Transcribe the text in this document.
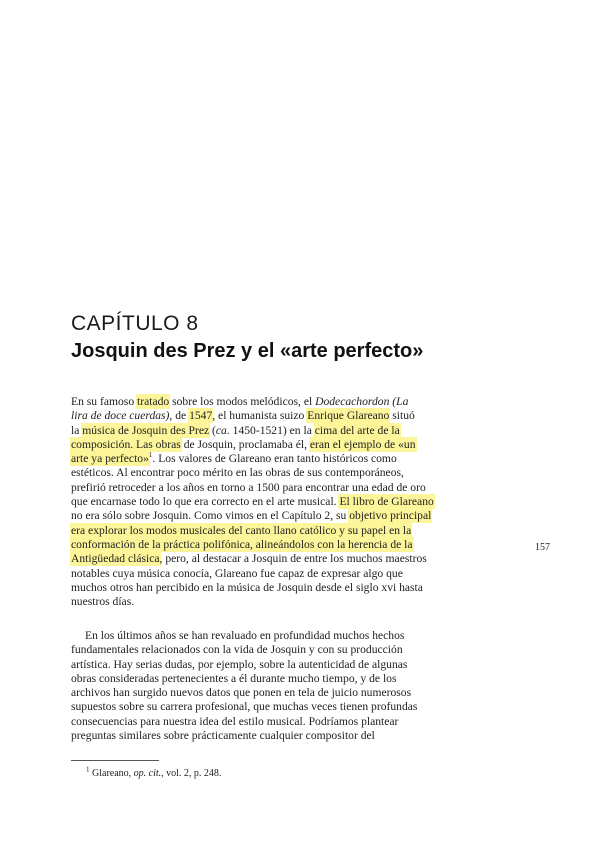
CAPÍTULO 8
Josquin des Prez y el «arte perfecto»
En su famoso tratado sobre los modos melódicos, el Dodecachordon (La
lira de doce cuerdas), de 1547, el humanista suizo Enrique Glareano situó
la música de Josquin des Prez (ca. 1450-1521) en la cima del arte de la
composición. Las obras de Josquin, proclamaba él, eran el ejemplo de «un
arte ya perfecto»$^1$. Los valores de Glareano eran tanto históricos como
estéticos. Al encontrar poco mérito en las obras de sus contemporáneos,
prefirió retroceder a los años en torno a 1500 para encontrar una edad de oro
que encarnase todo lo que era correcto en el arte musical. El libro de Glareano
no era sólo sobre Josquin. Como vimos en el Capítulo 2, su objetivo principal
era explorar los modos musicales del canto llano católico y su papel en la
conformación de la práctica polifónica, alineándolos con la herencia de la
Antigüedad clásica, pero, al destacar a Josquin de entre los muchos maestros
notables cuya música conocía, Glareano fue capaz de expresar algo que
muchos otros han percibido en la música de Josquin desde el siglo xvi hasta
nuestros días.
En los últimos años se han revaluado en profundidad muchos hechos
fundamentales relacionados con la vida de Josquin y con su producción
artística. Hay serias dudas, por ejemplo, sobre la autenticidad de algunas
obras consideradas pertenecientes a él durante mucho tiempo, y de los
archivos han surgido nuevos datos que ponen en tela de juicio numerosos
supuestos sobre su carrera profesional, que muchas veces tienen profundas
consecuencias para nuestra idea del estilo musical. Podríamos plantear
preguntas similares sobre prácticamente cualquier compositor del
157
$^1$ Glareano, op. cit., vol. 2, p. 248.
